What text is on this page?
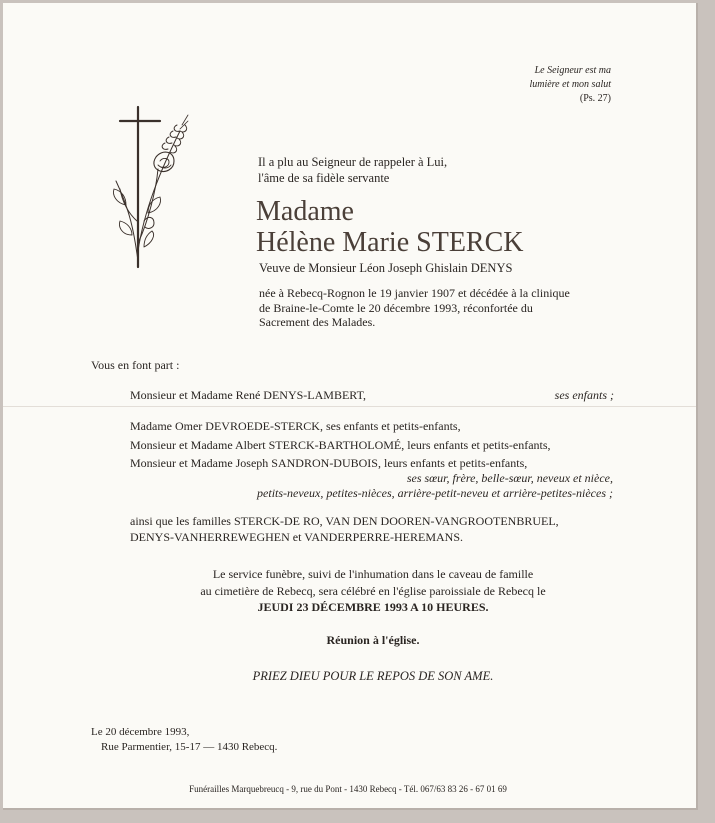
Le Seigneur est ma
lumière et mon salut
(Ps. 27)
Il a plu au Seigneur de rappeler à Lui,
l'âme de sa fidèle servante
Madame
Hélène Marie STERCK
Veuve de Monsieur Léon Joseph Ghislain DENYS
née à Rebecq-Rognon le 19 janvier 1907 et décédée à la clinique
de Braine-le-Comte le 20 décembre 1993, réconfortée du
Sacrement des Malades.
Vous en font part :
Monsieur et Madame René DENYS-LAMBERT,	ses enfants ;
Madame Omer DEVROEDE-STERCK, ses enfants et petits-enfants,
Monsieur et Madame Albert STERCK-BARTHOLOMÉ, leurs enfants et petits-enfants,
Monsieur et Madame Joseph SANDRON-DUBOIS, leurs enfants et petits-enfants,
ses sœur, frère, belle-sœur, neveux et nièce,
petits-neveux, petites-nièces, arrière-petit-neveu et arrière-petites-nièces ;
ainsi que les familles STERCK-DE RO, VAN DEN DOOREN-VANGROOTENBRUEL,
DENYS-VANHERREWEGHEN et VANDERPERRE-HEREMANS.
Le service funèbre, suivi de l'inhumation dans le caveau de famille
au cimetière de Rebecq, sera célébré en l'église paroissiale de Rebecq le
JEUDI 23 DÉCEMBRE 1993 A 10 HEURES.
Réunion à l'église.
PRIEZ DIEU POUR LE REPOS DE SON AME.
Le 20 décembre 1993,
Rue Parmentier, 15-17 — 1430 Rebecq.
Funérailles Marquebreucq - 9, rue du Pont - 1430 Rebecq - Tél. 067/63 83 26 - 67 01 69
